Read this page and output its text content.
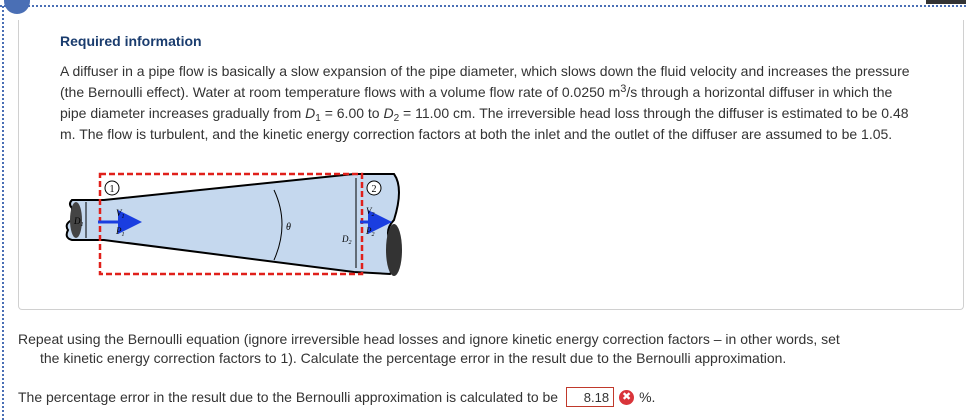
Required information
A diffuser in a pipe flow is basically a slow expansion of the pipe diameter, which slows down the fluid velocity and increases the pressure (the Bernoulli effect). Water at room temperature flows with a volume flow rate of 0.0250 $m^3/s$ through a horizontal diffuser in which the pipe diameter increases gradually from $D_1 = 6.00$ to $D_2 = 11.00$ cm. The irreversible head loss through the diffuser is estimated to be 0.48 m. The flow is turbulent, and the kinetic energy correction factors at both the inlet and the outlet of the diffuser are assumed to be 1.05.
1	2
$D_1$
$V_1$
$P_1$
θ
$D_2$
$V_2$
$P_2$
Repeat using the Bernoulli equation (ignore irreversible head losses and ignore kinetic energy correction factors – in other words, set
the kinetic energy correction factors to 1). Calculate the percentage error in the result due to the Bernoulli approximation.
The percentage error in the result due to the Bernoulli approximation is calculated to be
8.18	✖ %.
